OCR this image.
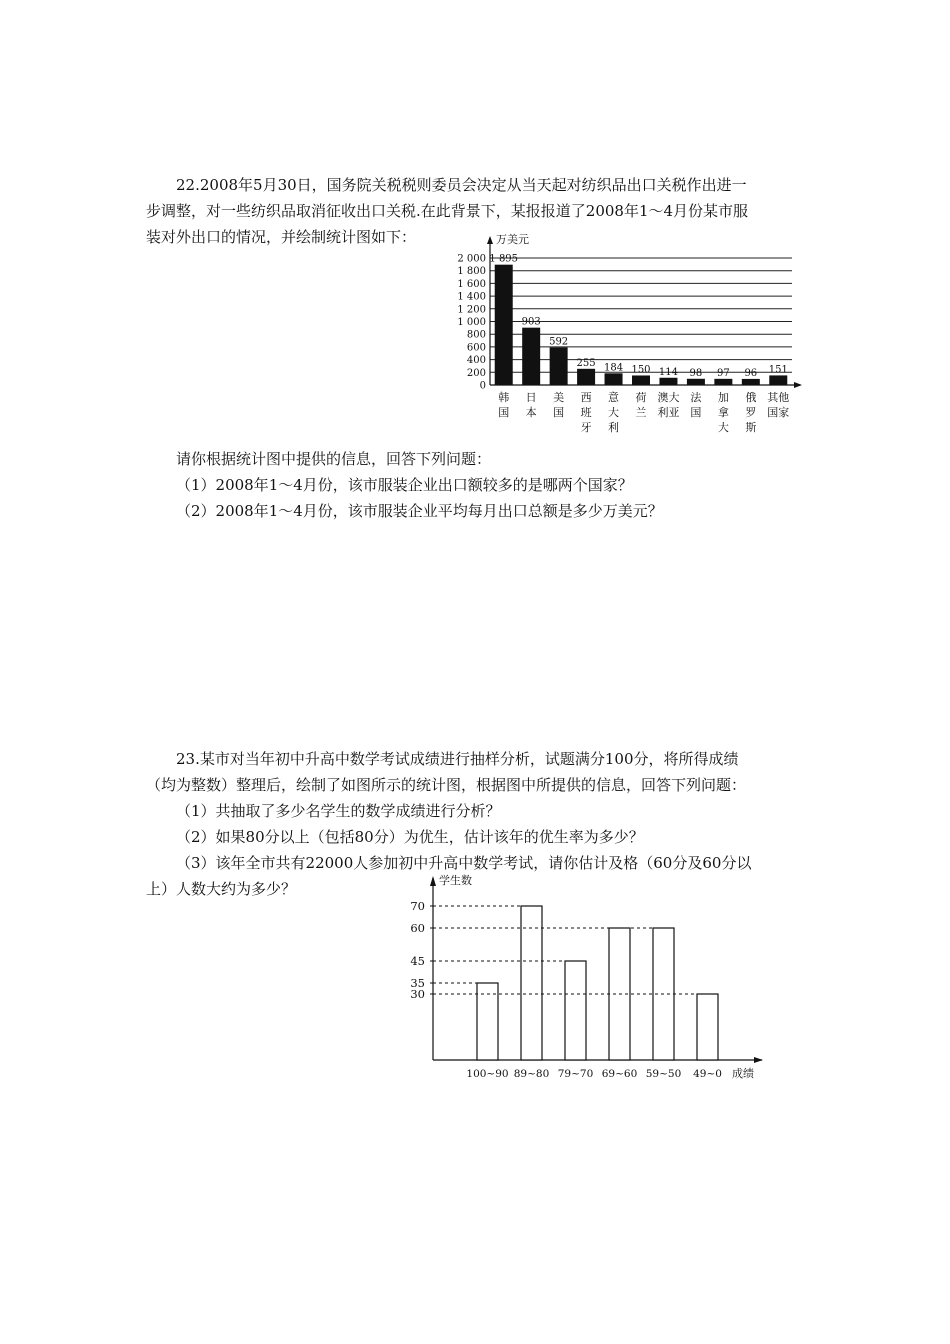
22.2008年5月30日，国务院关税税则委员会决定从当天起对纺织品出口关税作出进一

步调整，对一些纺织品取消征收出口关税.在此背景下，某报报道了2008年1～4月份某市服

装对外出口的情况，并绘制统计图如下：

2 000
1 800
1 600
1 400
1 200
1 000
800
600
400
200
0
万美元
1 895
韩
国
903
日
本
592
美
国
255
西
班
牙
184
意
大
利
150
荷
兰
114
澳大
利亚
98
法
国
97
加
拿
大
96
俄
罗
斯
151
其他
国家

请你根据统计图中提供的信息，回答下列问题：

（1）2008年1～4月份，该市服装企业出口额较多的是哪两个国家？

（2）2008年1～4月份，该市服装企业平均每月出口总额是多少万美元？

23.某市对当年初中升高中数学考试成绩进行抽样分析，试题满分100分，将所得成绩

（均为整数）整理后，绘制了如图所示的统计图，根据图中所提供的信息，回答下列问题：

（1）共抽取了多少名学生的数学成绩进行分析？

（2）如果80分以上（包括80分）为优生，估计该年的优生率为多少？

（3）该年全市共有22000人参加初中升高中数学考试，请你估计及格（60分及60分以

上）人数大约为多少？	学生数
成绩
100~90 89~80 79~70 69~60 59~50 49~0
70
60
45
35
30
